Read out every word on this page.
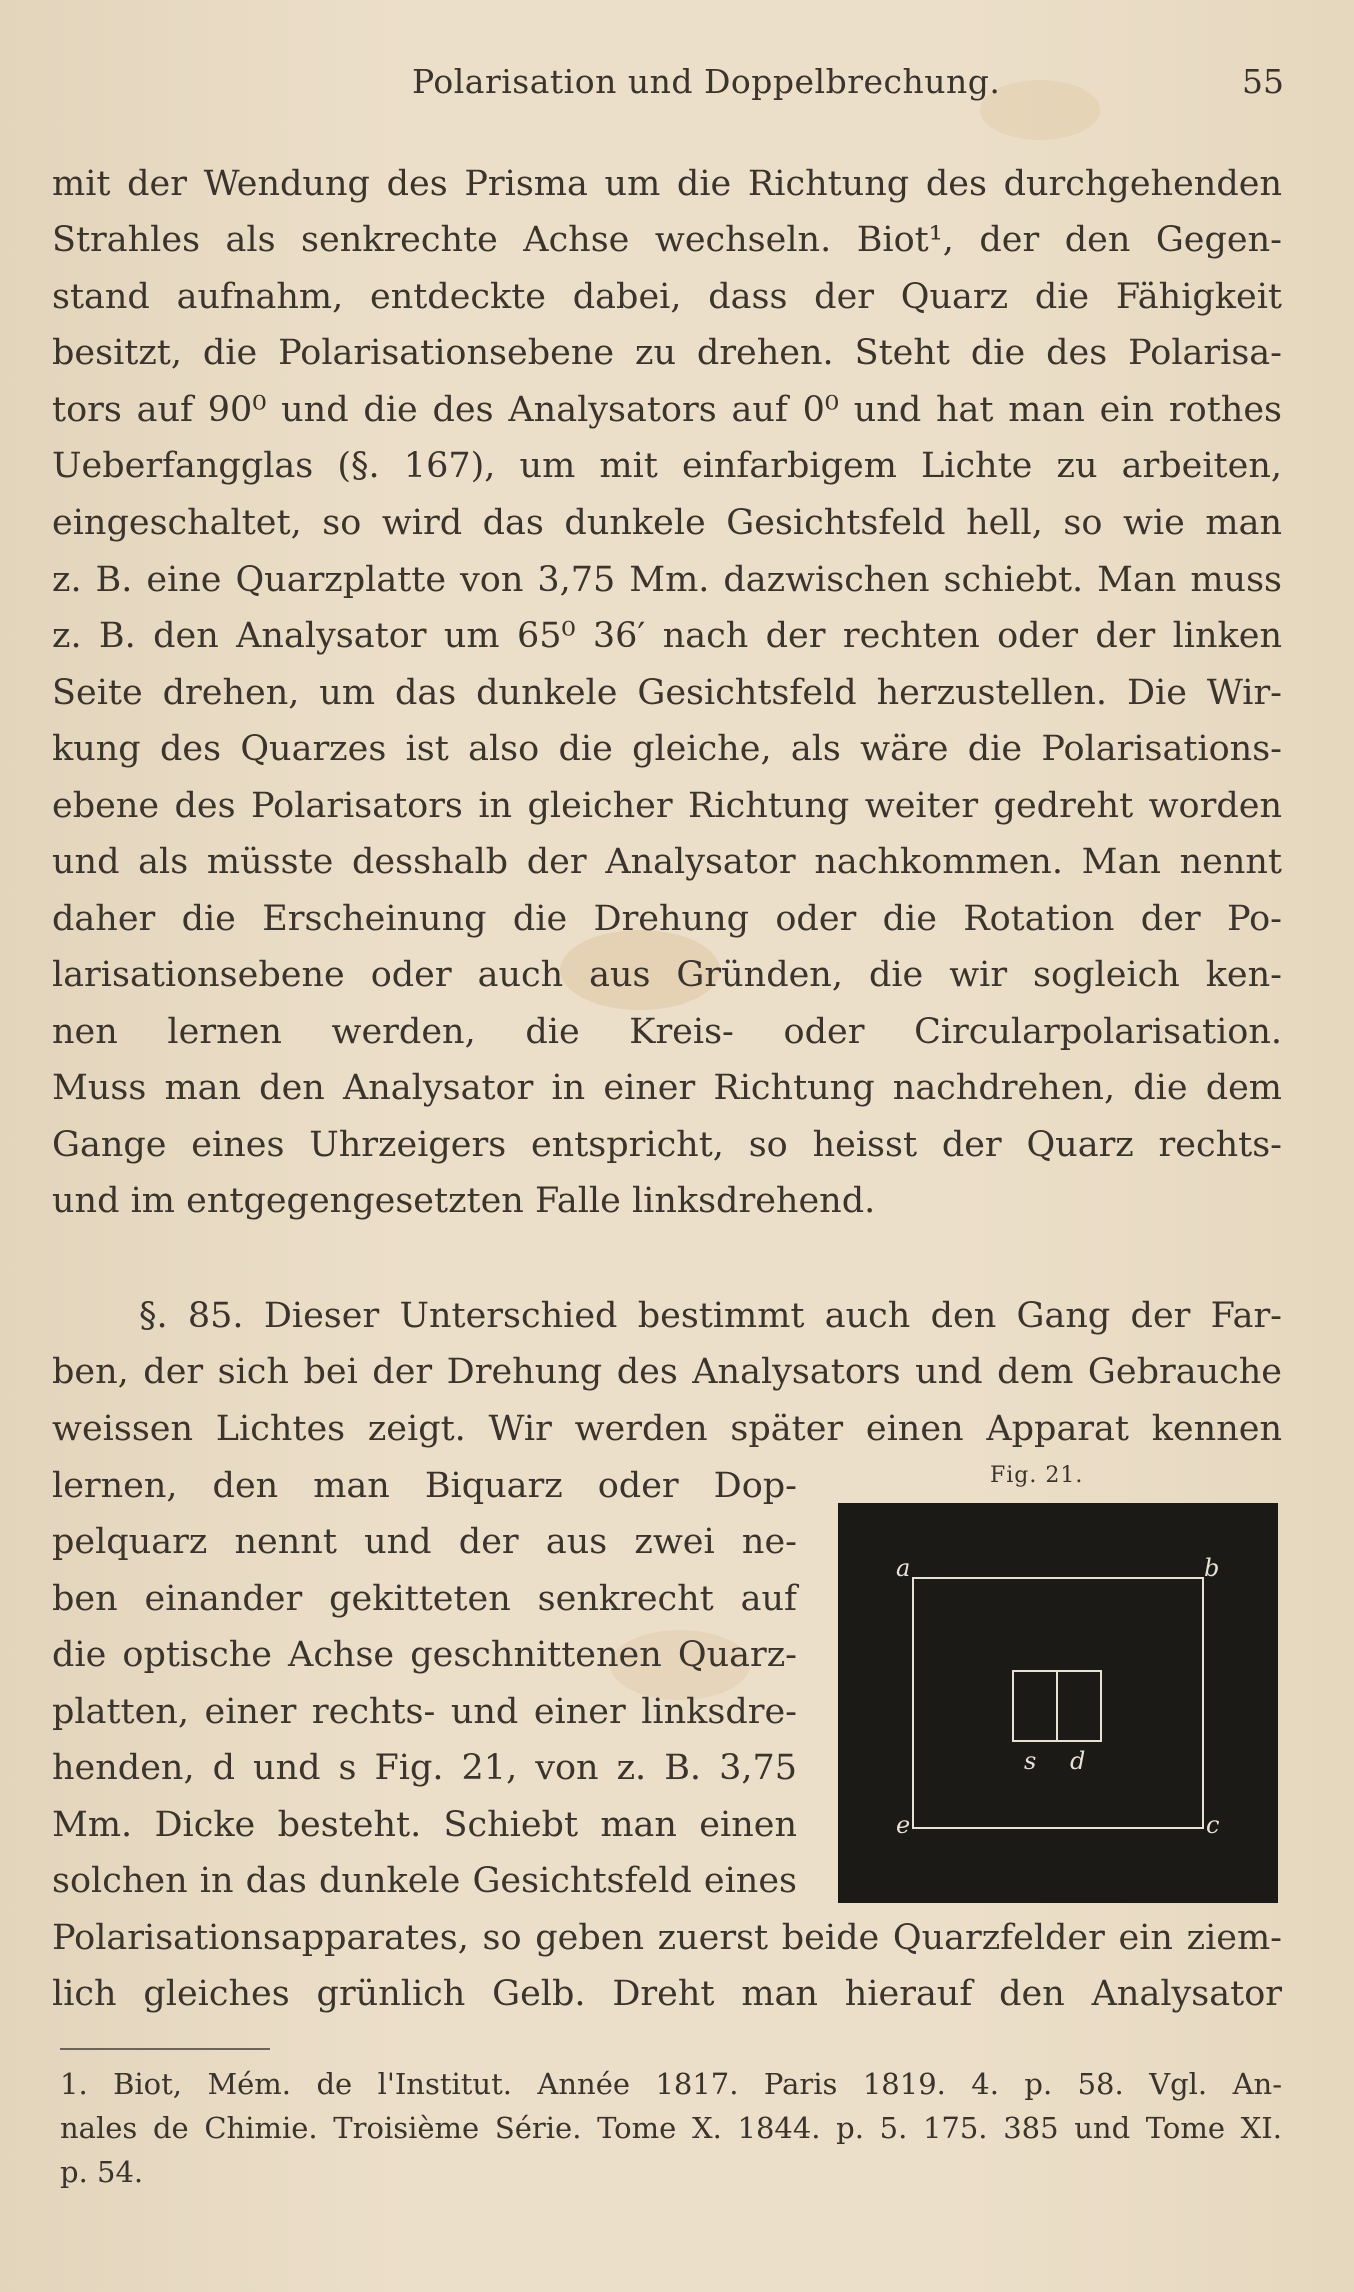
Polarisation und Doppelbrechung.	55
mit der Wendung des Prisma um die Richtung des durchgehenden
Strahles als senkrechte Achse wechseln. Biot¹, der den Gegen-
stand aufnahm, entdeckte dabei, dass der Quarz die Fähigkeit
besitzt, die Polarisationsebene zu drehen. Steht die des Polarisa-
tors auf 90⁰ und die des Analysators auf 0⁰ und hat man ein rothes
Ueberfangglas (§. 167), um mit einfarbigem Lichte zu arbeiten,
eingeschaltet, so wird das dunkele Gesichtsfeld hell, so wie man
z. B. eine Quarzplatte von 3,75 Mm. dazwischen schiebt. Man muss
z. B. den Analysator um 65⁰ 36′ nach der rechten oder der linken
Seite drehen, um das dunkele Gesichtsfeld herzustellen. Die Wir-
kung des Quarzes ist also die gleiche, als wäre die Polarisations-
ebene des Polarisators in gleicher Richtung weiter gedreht worden
und als müsste desshalb der Analysator nachkommen. Man nennt
daher die Erscheinung die Drehung oder die Rotation der Po-
larisationsebene oder auch aus Gründen, die wir sogleich ken-
nen lernen werden, die Kreis- oder Circularpolarisation.
Muss man den Analysator in einer Richtung nachdrehen, die dem
Gange eines Uhrzeigers entspricht, so heisst der Quarz rechts-
und im entgegengesetzten Falle linksdrehend.
§. 85. Dieser Unterschied bestimmt auch den Gang der Far-
ben, der sich bei der Drehung des Analysators und dem Gebrauche
weissen Lichtes zeigt. Wir werden später einen Apparat kennen
lernen, den man Biquarz oder Dop-
pelquarz nennt und der aus zwei ne-
ben einander gekitteten senkrecht auf
die optische Achse geschnittenen Quarz-
platten, einer rechts- und einer linksdre-
henden, d und s Fig. 21, von z. B. 3,75
Mm. Dicke besteht. Schiebt man einen
solchen in das dunkele Gesichtsfeld eines
Polarisationsapparates, so geben zuerst beide Quarzfelder ein ziem-
lich gleiches grünlich Gelb. Dreht man hierauf den Analysator
Fig. 21.
a	b
c
e
s d
1. Biot, Mém. de l'Institut. Année 1817. Paris 1819. 4. p. 58. Vgl. An-
nales de Chimie. Troisième Série. Tome X. 1844. p. 5. 175. 385 und Tome XI.
p. 54.
